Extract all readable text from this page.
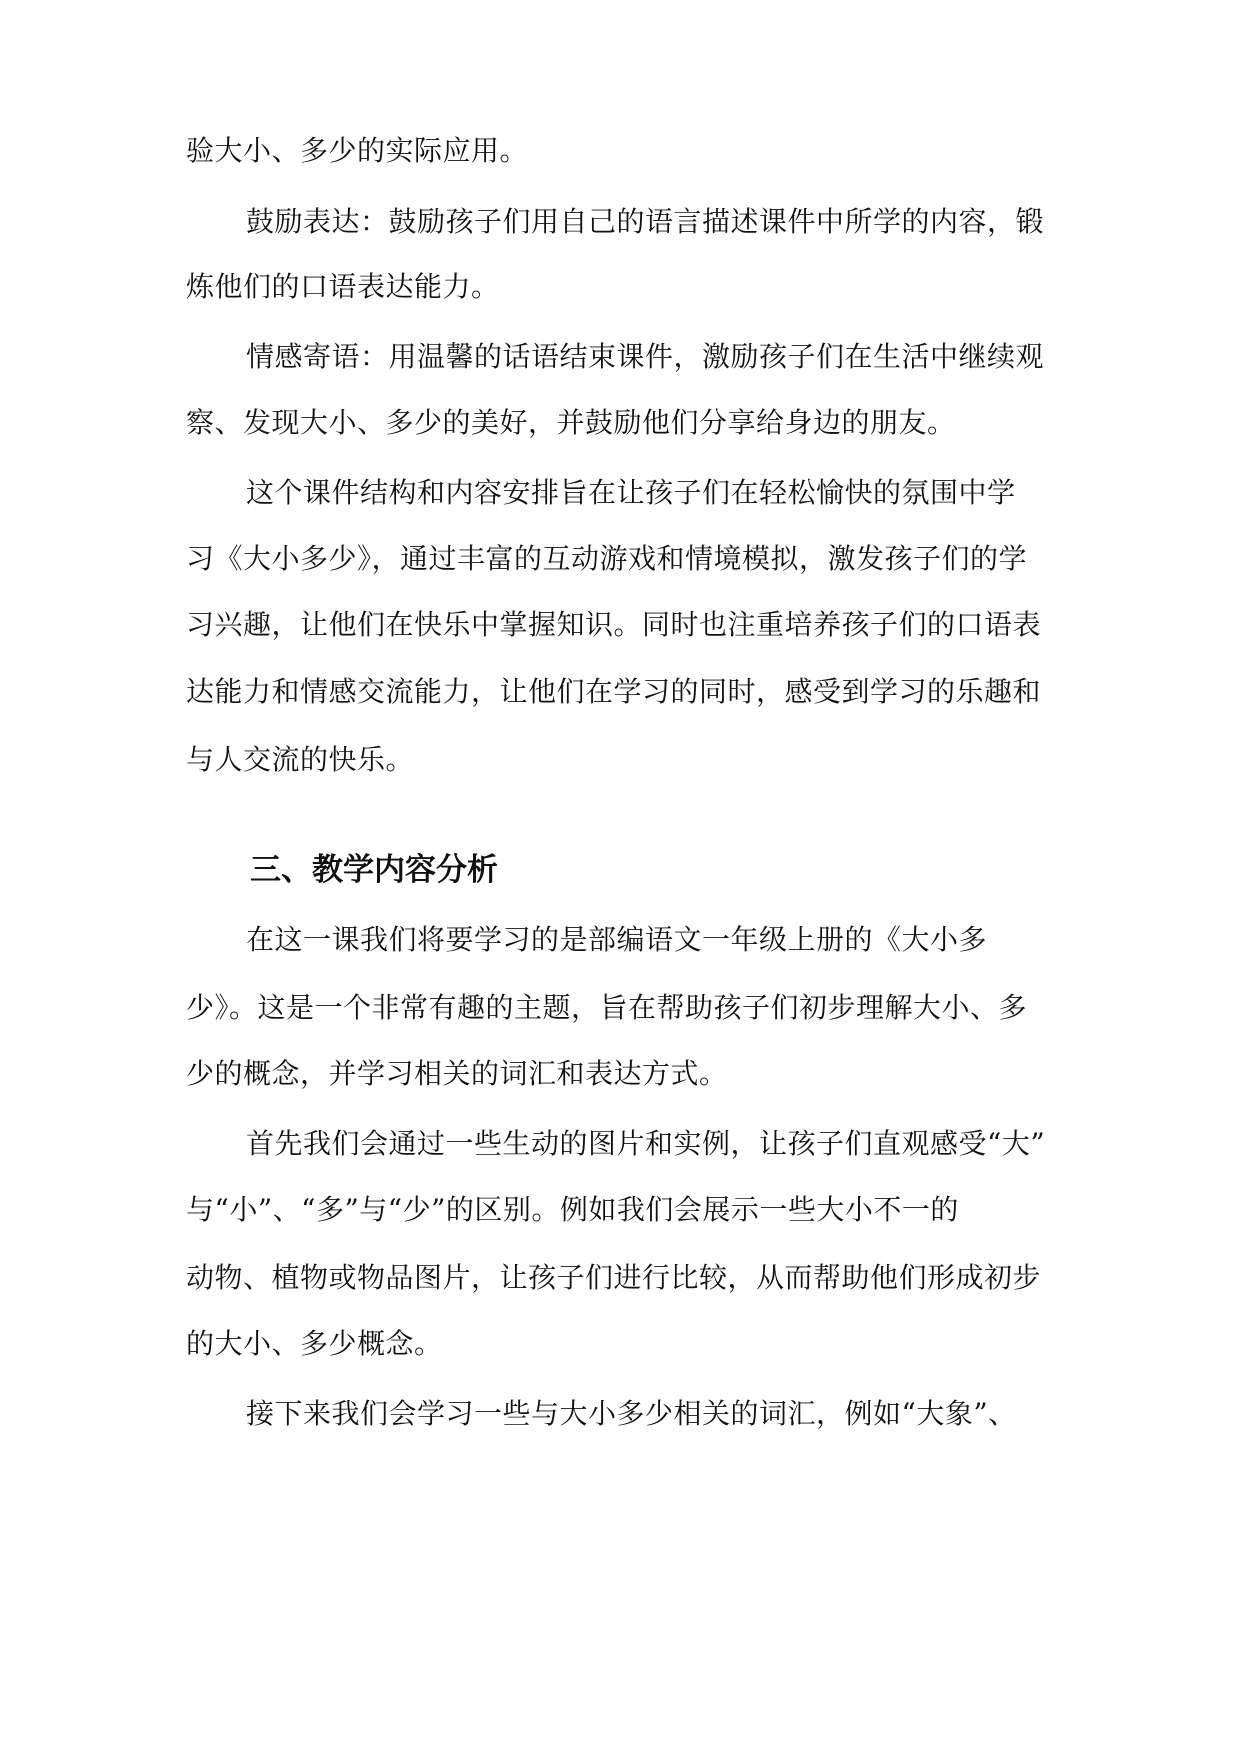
验大小、多少的实际应用。
鼓励表达：鼓励孩子们用自己的语言描述课件中所学的内容，锻
炼他们的口语表达能力。
情感寄语：用温馨的话语结束课件，激励孩子们在生活中继续观
察、发现大小、多少的美好，并鼓励他们分享给身边的朋友。
这个课件结构和内容安排旨在让孩子们在轻松愉快的氛围中学
习《大小多少》，通过丰富的互动游戏和情境模拟，激发孩子们的学
习兴趣，让他们在快乐中掌握知识。同时也注重培养孩子们的口语表
达能力和情感交流能力，让他们在学习的同时，感受到学习的乐趣和
与人交流的快乐。
三、教学内容分析
在这一课我们将要学习的是部编语文一年级上册的《大小多
少》。这是一个非常有趣的主题，旨在帮助孩子们初步理解大小、多
少的概念，并学习相关的词汇和表达方式。
首先我们会通过一些生动的图片和实例，让孩子们直观感受“大”
与“小”、“多”与“少”的区别。例如我们会展示一些大小不一的
动物、植物或物品图片，让孩子们进行比较，从而帮助他们形成初步
的大小、多少概念。
接下来我们会学习一些与大小多少相关的词汇，例如“大象”、
